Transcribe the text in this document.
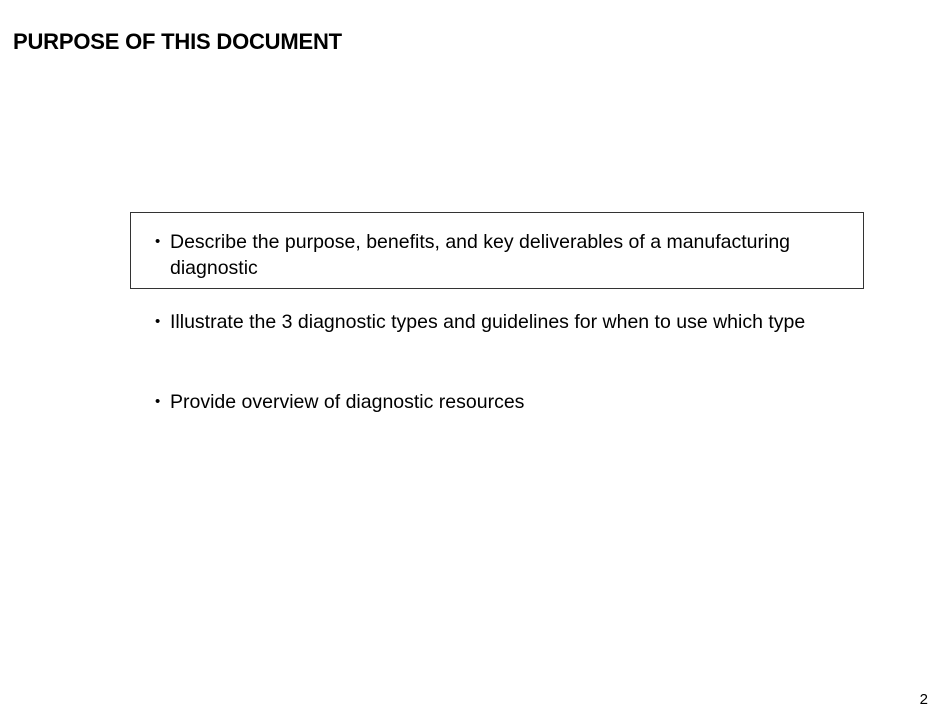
PURPOSE OF THIS DOCUMENT
• Describe the purpose, benefits, and key deliverables of a manufacturing diagnostic
• Illustrate the 3 diagnostic types and guidelines for when to use which type
• Provide overview of diagnostic resources
2
